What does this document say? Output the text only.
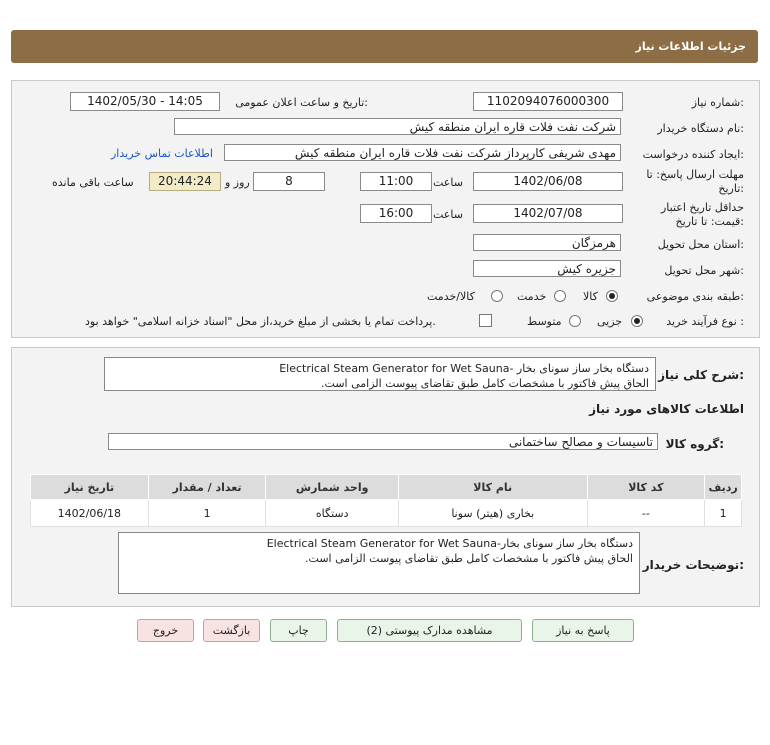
جزئیات اطلاعات نیاز
شماره نیاز:
1102094076000300
تاریخ و ساعت اعلان عمومی:
1402/05/30 - 14:05
نام دستگاه خریدار:
شرکت نفت فلات قاره ایران منطقه کیش
ایجاد کننده درخواست:
مهدی شریفی کارپرداز شرکت نفت فلات قاره ایران منطقه کیش
اطلاعات تماس خریدار
مهلت ارسال پاسخ: تا
تاریخ:
1402/06/08
ساعت
11:00
8
روز و
20:44:24
ساعت باقی مانده
حداقل تاریخ اعتبار
قیمت: تا تاریخ:
1402/07/08
ساعت
16:00
استان محل تحویل:
هرمزگان
شهر محل تحویل:
جزیره کیش
طبقه بندی موضوعی:
کالا
خدمت
کالا/خدمت
نوع فرآیند خرید :
جزیی
متوسط
پرداخت تمام یا بخشی از مبلغ خرید،از محل "اسناد خزانه اسلامی" خواهد بود.
شرح کلی نیاز:
دستگاه بخار ساز سونای بخار -Electrical Steam Generator for Wet Sauna
الحاق پیش فاکتور با مشخصات کامل طبق تقاضای پیوست الزامی است.
اطلاعات کالاهای مورد نیاز
گروه کالا:
تاسیسات و مصالح ساختمانی
ردیف	کد کالا	نام کالا	واحد شمارش	تعداد / مقدار	تاریخ نیاز
1	--	بخاری (هیتر) سونا	دستگاه	1	1402/06/18
توضیحات خریدار:
دستگاه بخار ساز سونای بخار-Electrical Steam Generator for Wet Sauna
الحاق پیش فاکتور با مشخصات کامل طبق تقاضای پیوست الزامی است.
پاسخ به نیاز
مشاهده مدارک پیوستی (2)
چاپ
بازگشت
خروج
